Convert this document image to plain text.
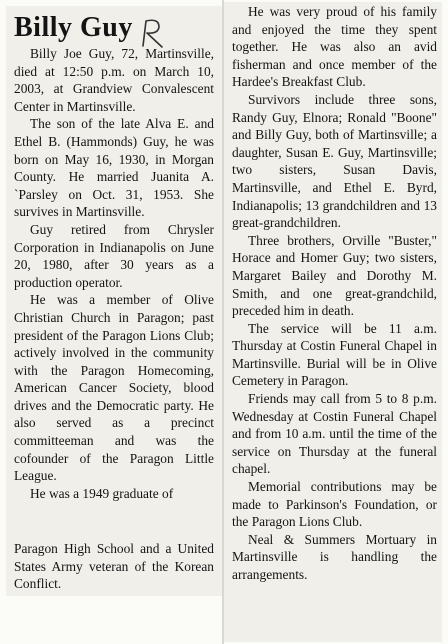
Billy Guy

Billy Joe Guy, 72, Martinsville, died at 12:50 p.m. on March 10, 2003, at Grandview Convalescent Center in Martinsville.

The son of the late Alva E. and Ethel B. (Hammonds) Guy, he was born on May 16, 1930, in Morgan County. He married Juanita A. `Parsley on Oct. 31, 1953. She survives in Martinsville.

Guy retired from Chrysler Corporation in Indianapolis on June 20, 1980, after 30 years as a production operator.

He was a member of Olive Christian Church in Paragon; past president of the Paragon Lions Club; actively involved in the community with the Paragon Homecoming, American Cancer Society, blood drives and the Democratic party. He also served as a precinct committeeman and was the cofounder of the Paragon Little League.

He was a 1949 graduate of

Paragon High School and a United States Army veteran of the Korean Conflict.

He was very proud of his family and enjoyed the time they spent together. He was also an avid fisherman and once member of the Hardee's Breakfast Club.

Survivors include three sons, Randy Guy, Elnora; Ronald "Boone" and Billy Guy, both of Martinsville; a daughter, Susan E. Guy, Martinsville; two sisters, Susan Davis, Martinsville, and Ethel E. Byrd, Indianapolis; 13 grandchildren and 13 great-grandchildren.

Three brothers, Orville "Buster," Horace and Homer Guy; two sisters, Margaret Bailey and Dorothy M. Smith, and one great-grandchild, preceded him in death.

The service will be 11 a.m. Thursday at Costin Funeral Chapel in Martinsville. Burial will be in Olive Cemetery in Paragon.

Friends may call from 5 to 8 p.m. Wednesday at Costin Funeral Chapel and from 10 a.m. until the time of the service on Thursday at the funeral chapel.

Memorial contributions may be made to Parkinson's Foundation, or the Paragon Lions Club.

Neal & Summers Mortuary in Martinsville is handling the arrangements.
